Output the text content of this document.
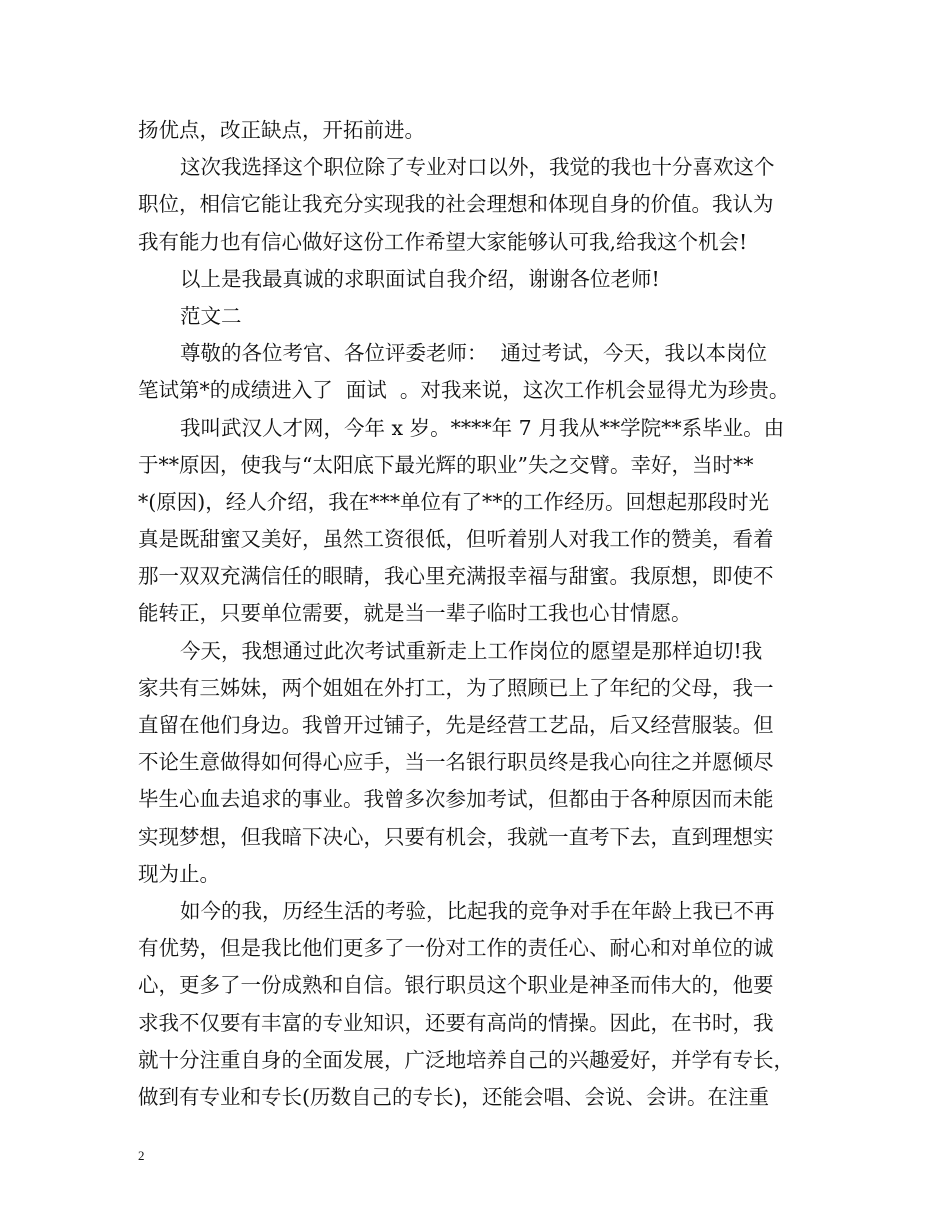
扬优点，改正缺点，开拓前进。
这次我选择这个职位除了专业对口以外，我觉的我也十分喜欢这个
职位，相信它能让我充分实现我的社会理想和体现自身的价值。我认为
我有能力也有信心做好这份工作希望大家能够认可我,给我这个机会!
以上是我最真诚的求职面试自我介绍，谢谢各位老师!
范文二
尊敬的各位考官、各位评委老师：  通过考试，今天，我以本岗位
笔试第*的成绩进入了  面试  。对我来说，这次工作机会显得尤为珍贵。
我叫武汉人才网，今年 x 岁。****年 7 月我从**学院**系毕业。由
于**原因，使我与“太阳底下最光辉的职业”失之交臂。幸好，当时**
*(原因)，经人介绍，我在***单位有了**的工作经历。回想起那段时光
真是既甜蜜又美好，虽然工资很低，但听着别人对我工作的赞美，看着
那一双双充满信任的眼睛，我心里充满报幸福与甜蜜。我原想，即使不
能转正，只要单位需要，就是当一辈子临时工我也心甘情愿。
今天，我想通过此次考试重新走上工作岗位的愿望是那样迫切!我
家共有三姊妹，两个姐姐在外打工，为了照顾已上了年纪的父母，我一
直留在他们身边。我曾开过铺子，先是经营工艺品，后又经营服装。但
不论生意做得如何得心应手，当一名银行职员终是我心向往之并愿倾尽
毕生心血去追求的事业。我曾多次参加考试，但都由于各种原因而未能
实现梦想，但我暗下决心，只要有机会，我就一直考下去，直到理想实
现为止。
如今的我，历经生活的考验，比起我的竞争对手在年龄上我已不再
有优势，但是我比他们更多了一份对工作的责任心、耐心和对单位的诚
心，更多了一份成熟和自信。银行职员这个职业是神圣而伟大的，他要
求我不仅要有丰富的专业知识，还要有高尚的情操。因此，在书时，我
就十分注重自身的全面发展，广泛地培养自己的兴趣爱好，并学有专长，
做到有专业和专长(历数自己的专长)，还能会唱、会说、会讲。在注重
2
